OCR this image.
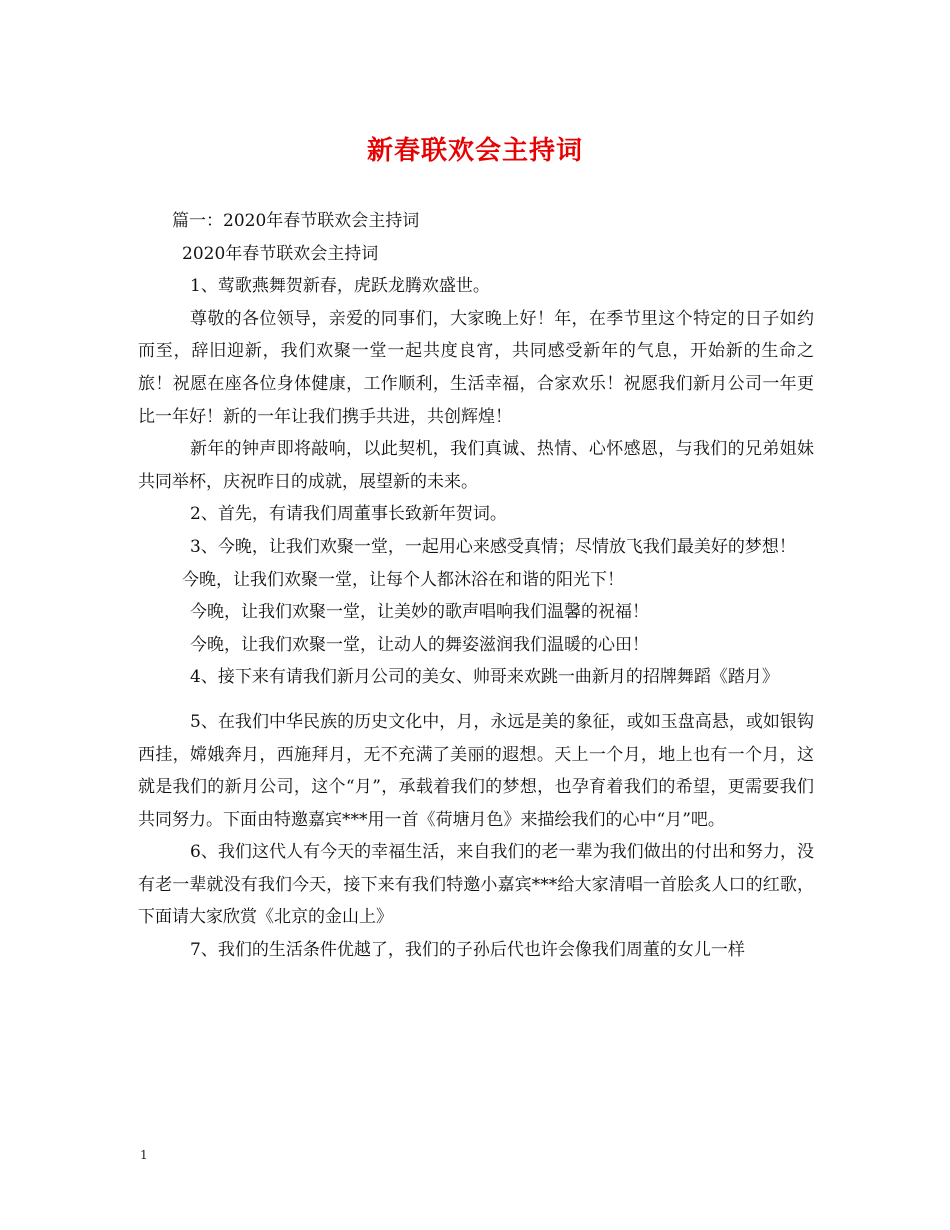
新春联欢会主持词

篇一：2020年春节联欢会主持词

2020年春节联欢会主持词

1、莺歌燕舞贺新春，虎跃龙腾欢盛世。

尊敬的各位领导，亲爱的同事们，大家晚上好！年，在季节里这个特定的日子如约而至，辞旧迎新，我们欢聚一堂一起共度良宵，共同感受新年的气息，开始新的生命之旅！祝愿在座各位身体健康，工作顺利，生活幸福，合家欢乐！祝愿我们新月公司一年更比一年好！新的一年让我们携手共进，共创辉煌！

新年的钟声即将敲响，以此契机，我们真诚、热情、心怀感恩，与我们的兄弟姐妹共同举杯，庆祝昨日的成就，展望新的未来。

2、首先，有请我们周董事长致新年贺词。

3、今晚，让我们欢聚一堂，一起用心来感受真情；尽情放飞我们最美好的梦想！

今晚，让我们欢聚一堂，让每个人都沐浴在和谐的阳光下！

今晚，让我们欢聚一堂，让美妙的歌声唱响我们温馨的祝福！

今晚，让我们欢聚一堂，让动人的舞姿滋润我们温暖的心田！

4、接下来有请我们新月公司的美女、帅哥来欢跳一曲新月的招牌舞蹈《踏月》

5、在我们中华民族的历史文化中，月，永远是美的象征，或如玉盘高悬，或如银钩西挂，嫦娥奔月，西施拜月，无不充满了美丽的遐想。天上一个月，地上也有一个月，这就是我们的新月公司，这个“月”，承载着我们的梦想，也孕育着我们的希望，更需要我们共同努力。下面由特邀嘉宾***用一首《荷塘月色》来描绘我们的心中“月”吧。

6、我们这代人有今天的幸福生活，来自我们的老一辈为我们做出的付出和努力，没有老一辈就没有我们今天，接下来有我们特邀小嘉宾***给大家清唱一首脍炙人口的红歌，下面请大家欣赏《北京的金山上》

7、我们的生活条件优越了，我们的子孙后代也许会像我们周董的女儿一样

1
